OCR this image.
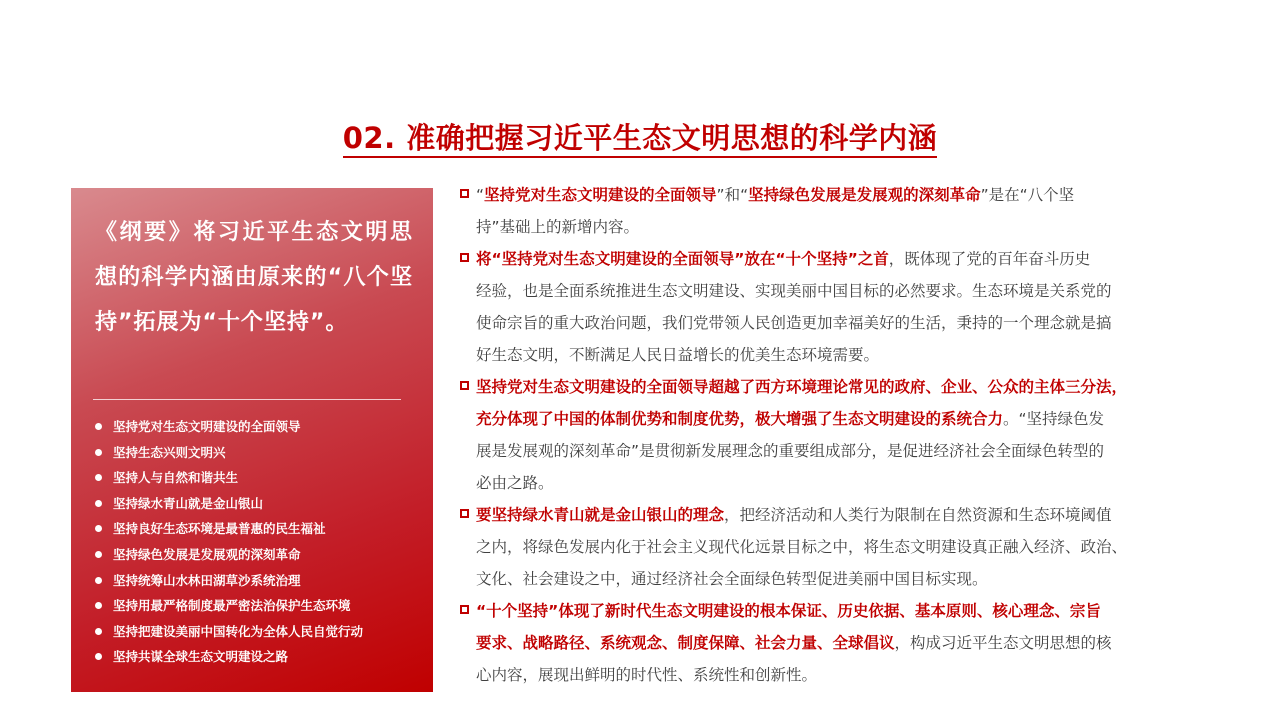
02. 准确把握习近平生态文明思想的科学内涵
《纲要》将习近平生态文明思想的科学内涵由原来的“八个坚持”拓展为“十个坚持”。
坚持党对生态文明建设的全面领导
坚持生态兴则文明兴
坚持人与自然和谐共生
坚持绿水青山就是金山银山
坚持良好生态环境是最普惠的民生福祉
坚持绿色发展是发展观的深刻革命
坚持统筹山水林田湖草沙系统治理
坚持用最严格制度最严密法治保护生态环境
坚持把建设美丽中国转化为全体人民自觉行动
坚持共谋全球生态文明建设之路
“坚持党对生态文明建设的全面领导”和“坚持绿色发展是发展观的深刻革命”是在“八个坚
持”基础上的新增内容。
将“坚持党对生态文明建设的全面领导”放在“十个坚持”之首，既体现了党的百年奋斗历史
经验，也是全面系统推进生态文明建设、实现美丽中国目标的必然要求。生态环境是关系党的
使命宗旨的重大政治问题，我们党带领人民创造更加幸福美好的生活，秉持的一个理念就是搞
好生态文明，不断满足人民日益增长的优美生态环境需要。
坚持党对生态文明建设的全面领导超越了西方环境理论常见的政府、企业、公众的主体三分法，
充分体现了中国的体制优势和制度优势，极大增强了生态文明建设的系统合力。“坚持绿色发
展是发展观的深刻革命”是贯彻新发展理念的重要组成部分，是促进经济社会全面绿色转型的
必由之路。
要坚持绿水青山就是金山银山的理念，把经济活动和人类行为限制在自然资源和生态环境阈值
之内，将绿色发展内化于社会主义现代化远景目标之中，将生态文明建设真正融入经济、政治、
文化、社会建设之中，通过经济社会全面绿色转型促进美丽中国目标实现。
“十个坚持”体现了新时代生态文明建设的根本保证、历史依据、基本原则、核心理念、宗旨
要求、战略路径、系统观念、制度保障、社会力量、全球倡议，构成习近平生态文明思想的核
心内容，展现出鲜明的时代性、系统性和创新性。
